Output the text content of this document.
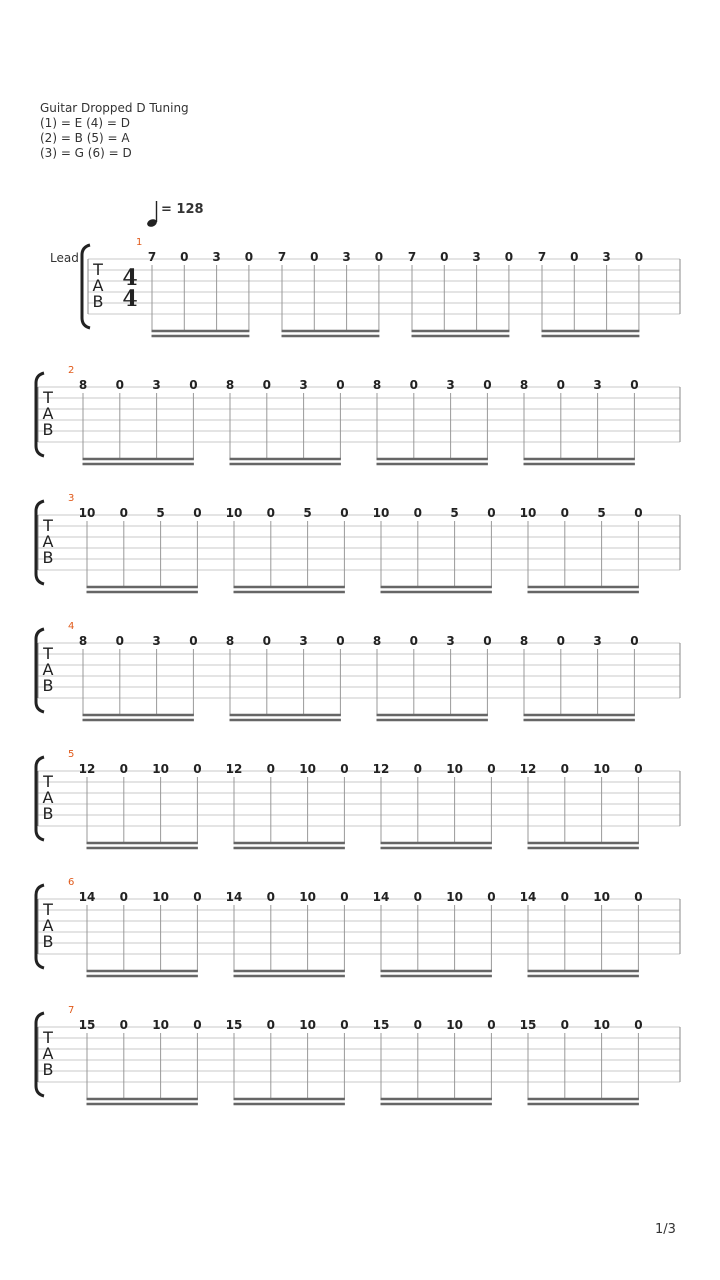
Guitar Dropped D Tuning
(1) = E (4) = D
(2) = B (5) = A
(3) = G (6) = D
= 128
Lead
T
A
B
4
4
1
7 0 3 0 7 0 3 0 7 0 3 0 7 0 3 0
T
A
B
2
8 0 3 0 8 0 3 0 8 0 3 0 8 0 3 0
T
A
B
3
10 0 5 0 10 0 5 0 10 0 5 0 10 0 5 0
T
A
B
4
8 0 3 0 8 0 3 0 8 0 3 0 8 0 3 0
T
A
B
5
12 0 10 0 12 0 10 0 12 0 10 0 12 0 10 0
T
A
B
6
14 0 10 0 14 0 10 0 14 0 10 0 14 0 10 0
T
A
B
7
15 0 10 0 15 0 10 0 15 0 10 0 15 0 10 0
1/3
